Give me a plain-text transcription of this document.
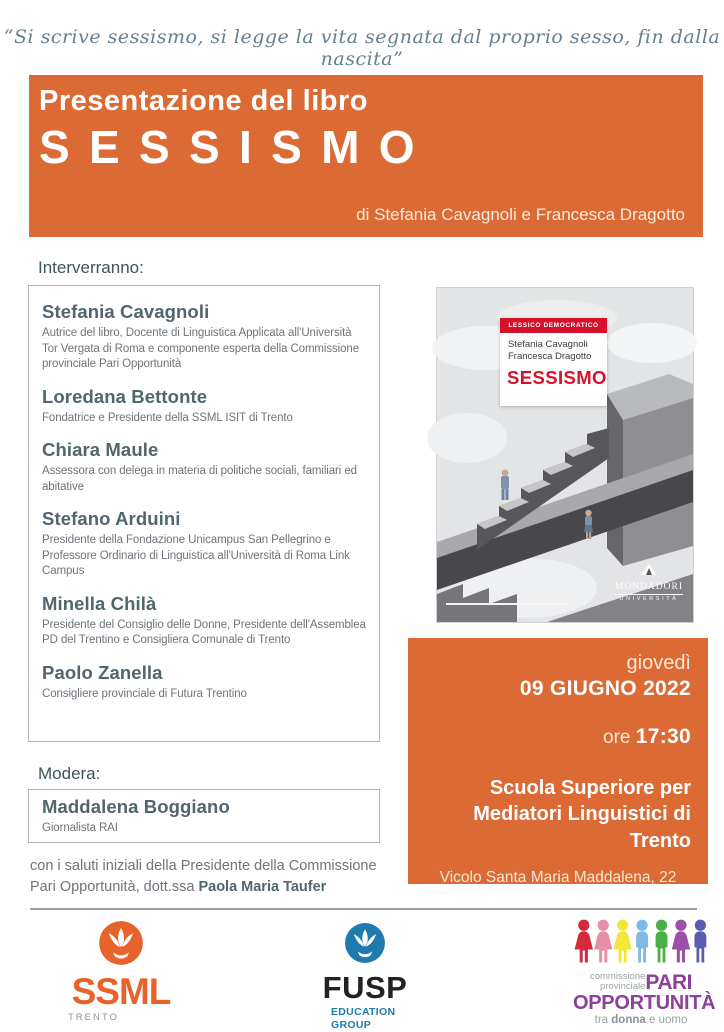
“Si scrive sessismo, si legge la vita segnata dal proprio sesso, fin dalla nascita”
Presentazione del libro
SESSISMO
di Stefania Cavagnoli e Francesca Dragotto
Interverranno:
Stefania Cavagnoli
Autrice del libro, Docente di Linguistica Applicata all'Università Tor Vergata di Roma e componente esperta della Commissione provinciale Pari Opportunità
Loredana Bettonte
Fondatrice e Presidente della SSML ISIT di Trento
Chiara Maule
Assessora con delega in materia di politiche sociali, familiari ed abitative
Stefano Arduini
Presidente della Fondazione Unicampus San Pellegrino e Professore Ordinario di Linguistica all'Università di Roma Link Campus
Minella Chilà
Presidente del Consiglio delle Donne, Presidente dell'Assemblea PD del Trentino e Consigliera Comunale di Trento
Paolo Zanella
Consigliere provinciale di Futura Trentino
Modera:
Maddalena Boggiano
Giornalista RAI
con i saluti iniziali della Presidente della Commissione Pari Opportunità, dott.ssa Paola Maria Taufer
LESSICO DEMOCRATICO
Stefania Cavagnoli
Francesca Dragotto
SESSISMO
MONDADORI
UNIVERSITÀ
giovedì
09 GIUGNO 2022
ore 17:30
Scuola Superiore per Mediatori Linguistici di Trento
Vicolo Santa Maria Maddalena, 22
SSML
TRENTO
FUSP
EDUCATION
GROUP
commissione
provinciale PARI
OPPORTUNITÀ
tra donna e uomo
